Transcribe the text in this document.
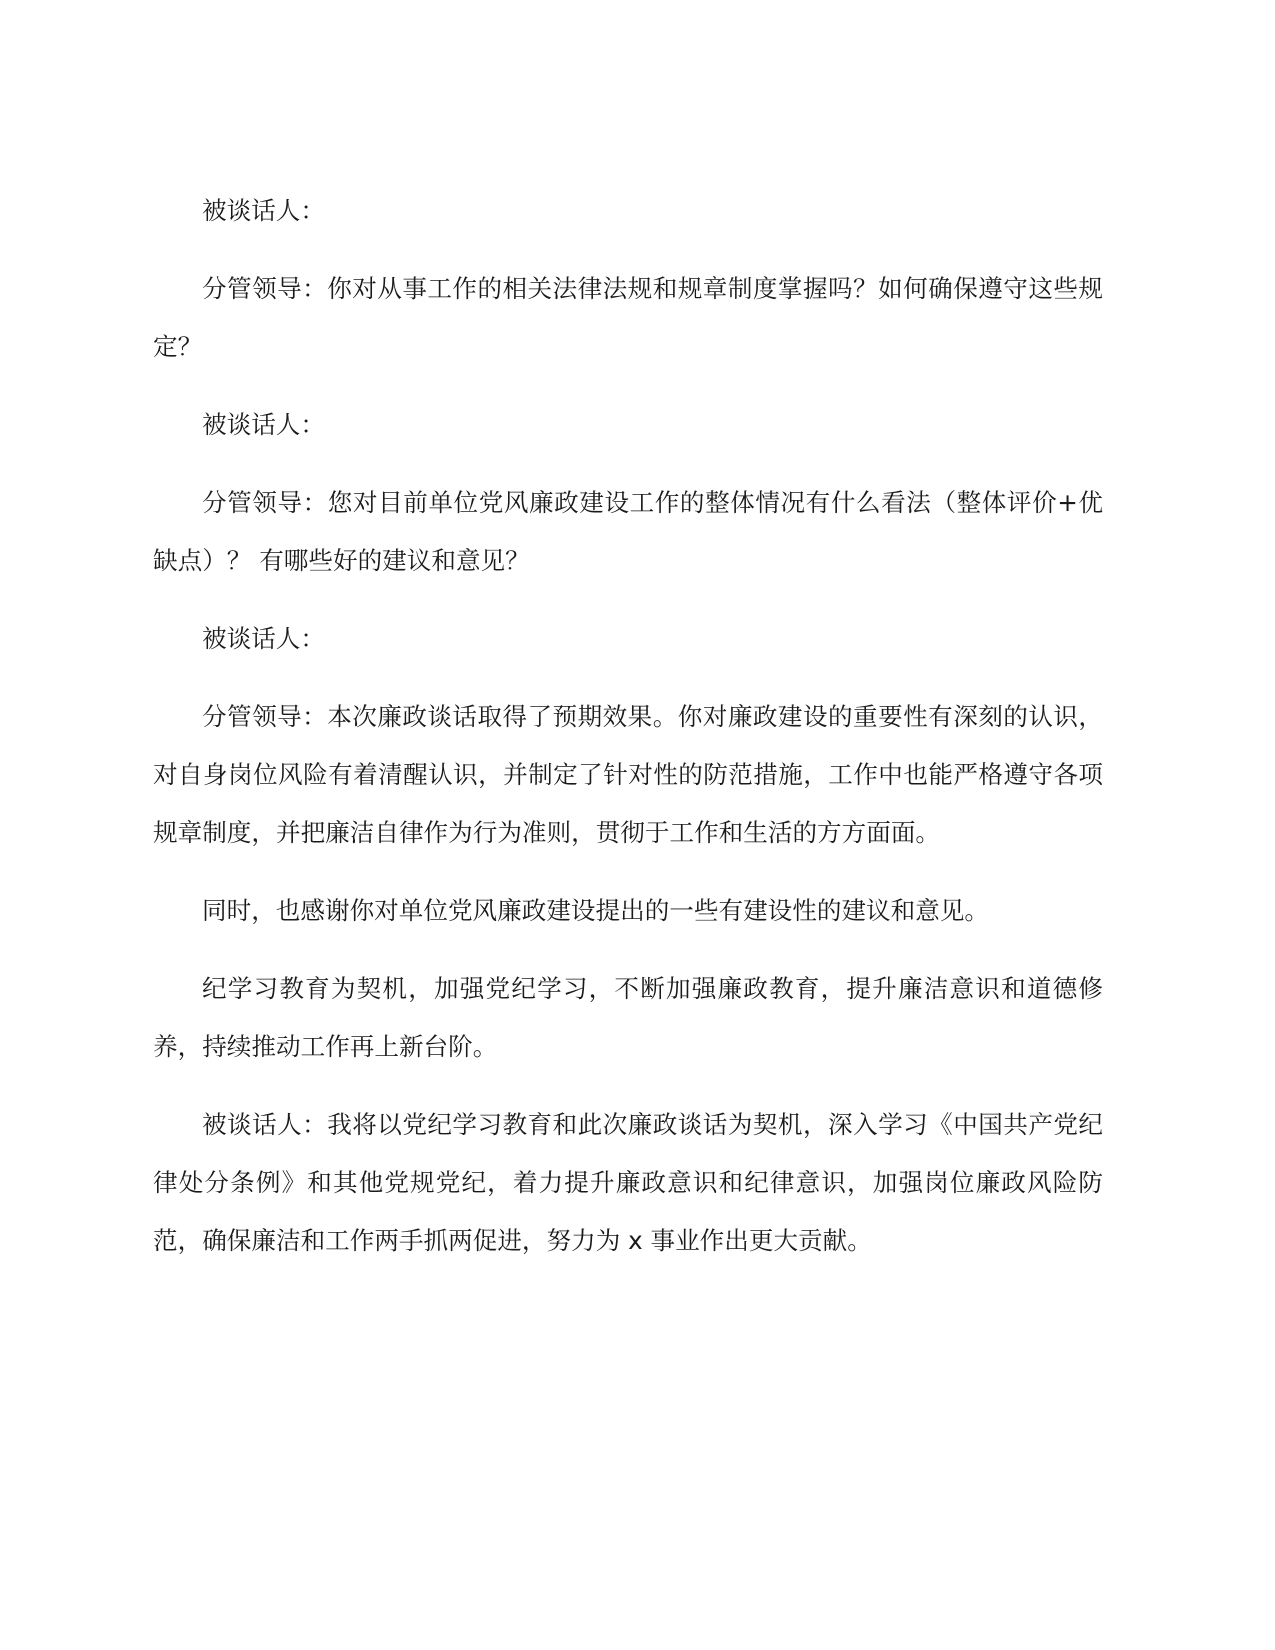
被谈话人：

分管领导：你对从事工作的相关法律法规和规章制度掌握吗？如何确保遵守这些规定？

被谈话人：

分管领导：您对目前单位党风廉政建设工作的整体情况有什么看法（整体评价+优缺点）？ 有哪些好的建议和意见？

被谈话人：

分管领导：本次廉政谈话取得了预期效果。你对廉政建设的重要性有深刻的认识，对自身岗位风险有着清醒认识，并制定了针对性的防范措施，工作中也能严格遵守各项规章制度，并把廉洁自律作为行为准则，贯彻于工作和生活的方方面面。

同时，也感谢你对单位党风廉政建设提出的一些有建设性的建议和意见。

纪学习教育为契机，加强党纪学习，不断加强廉政教育，提升廉洁意识和道德修养，持续推动工作再上新台阶。

被谈话人：我将以党纪学习教育和此次廉政谈话为契机，深入学习《中国共产党纪律处分条例》和其他党规党纪，着力提升廉政意识和纪律意识，加强岗位廉政风险防范，确保廉洁和工作两手抓两促进，努力为 x 事业作出更大贡献。
